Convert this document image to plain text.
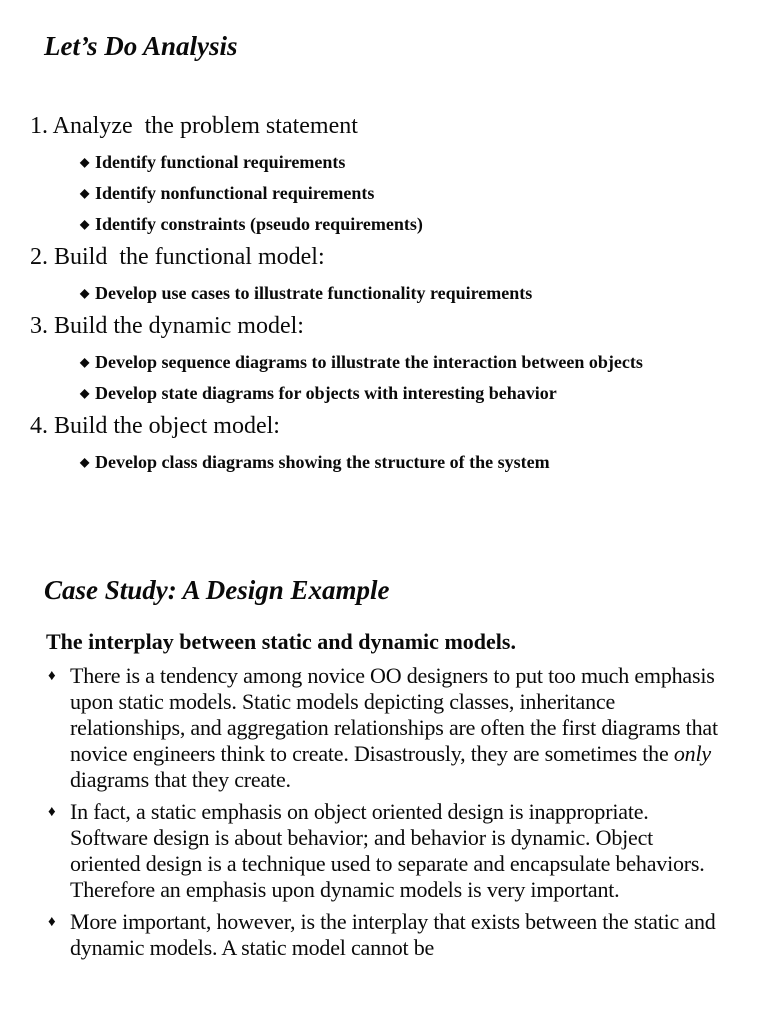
Let’s Do Analysis
1. Analyze  the problem statement
◆ Identify functional requirements
◆ Identify nonfunctional requirements
◆ Identify constraints (pseudo requirements)
2. Build  the functional model:
◆ Develop use cases to illustrate functionality requirements
3. Build the dynamic model:
◆ Develop sequence diagrams to illustrate the interaction between objects
◆ Develop state diagrams for objects with interesting behavior
4. Build the object model:
◆ Develop class diagrams showing the structure of the system
Case Study: A Design Example
The interplay between static and dynamic models.
♦ There is a tendency among novice OO designers to put too much emphasis upon static models. Static models depicting classes, inheritance relationships, and aggregation relationships are often the first diagrams that novice engineers think to create. Disastrously, they are sometimes the only diagrams that they create.
♦ In fact, a static emphasis on object oriented design is inappropriate. Software design is about behavior; and behavior is dynamic. Object oriented design is a technique used to separate and encapsulate behaviors. Therefore an emphasis upon dynamic models is very important.
♦ More important, however, is the interplay that exists between the static and dynamic models. A static model cannot be
